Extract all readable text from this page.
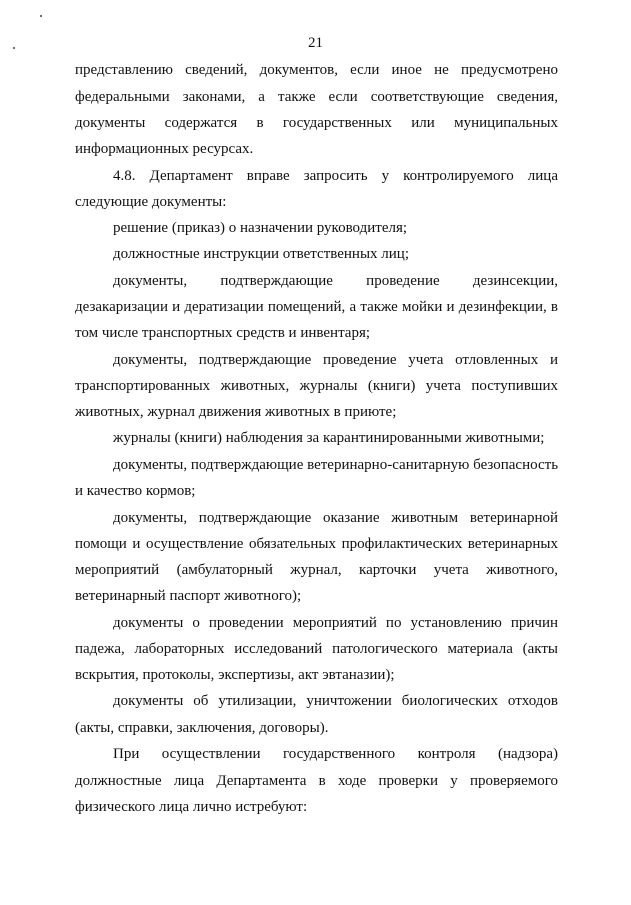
21
представлению сведений, документов, если иное не предусмотрено
федеральными законами, а также если соответствующие сведения,
документы содержатся в государственных или муниципальных
информационных ресурсах.
4.8. Департамент вправе запросить у контролируемого лица
следующие документы:
решение (приказ) о назначении руководителя;
должностные инструкции ответственных лиц;
документы, подтверждающие проведение дезинсекции,
дезакаризации и дератизации помещений, а также мойки и дезинфекции, в
том числе транспортных средств и инвентаря;
документы, подтверждающие проведение учета отловленных и
транспортированных животных, журналы (книги) учета поступивших
животных, журнал движения животных в приюте;
журналы (книги) наблюдения за карантинированными животными;
документы, подтверждающие ветеринарно-санитарную безопасность
и качество кормов;
документы, подтверждающие оказание животным ветеринарной
помощи и осуществление обязательных профилактических ветеринарных
мероприятий (амбулаторный журнал, карточки учета животного,
ветеринарный паспорт животного);
документы о проведении мероприятий по установлению причин
падежа, лабораторных исследований патологического материала (акты
вскрытия, протоколы, экспертизы, акт эвтаназии);
документы об утилизации, уничтожении биологических отходов
(акты, справки, заключения, договоры).
При осуществлении государственного контроля (надзора)
должностные лица Департамента в ходе проверки у проверяемого
физического лица лично истребуют:
